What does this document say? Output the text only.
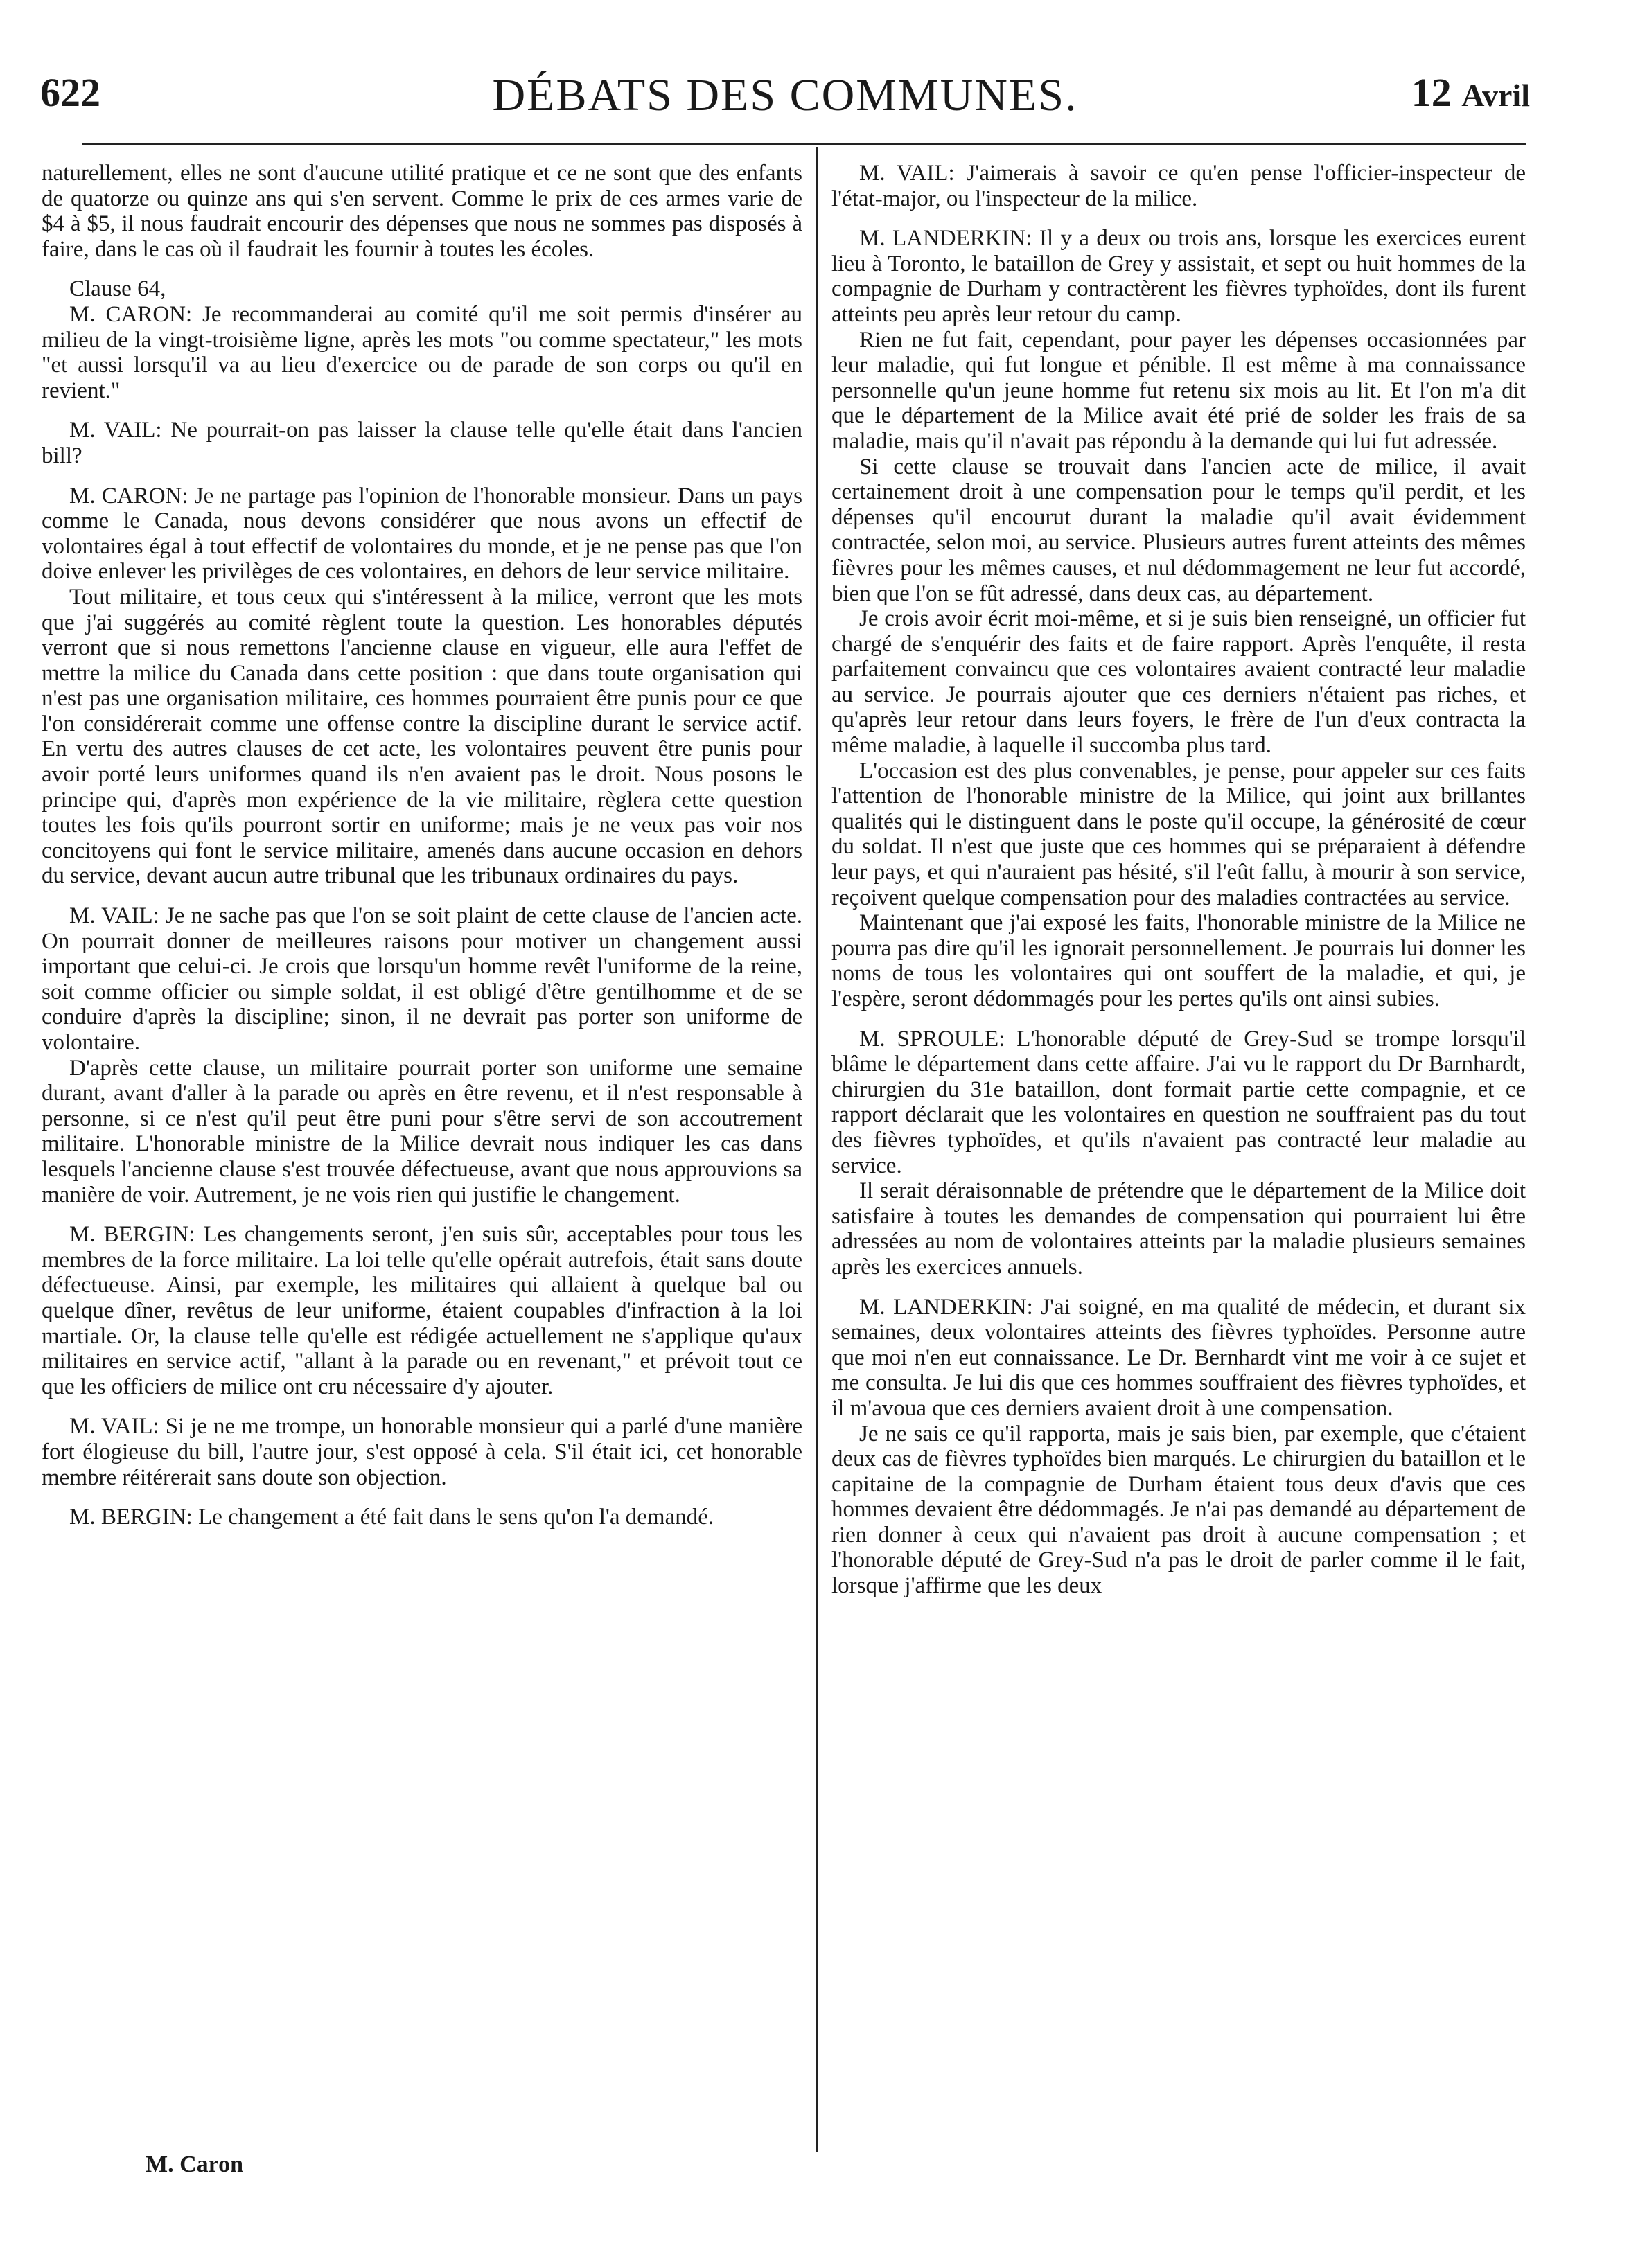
DÉBATS DES COMMUNES.
622	12 Avril

naturellement, elles ne sont d'aucune utilité pratique et ce ne sont que des enfants de quatorze ou quinze ans qui s'en servent. Comme le prix de ces armes varie de $4 à $5, il nous faudrait encourir des dépenses que nous ne sommes pas disposés à faire, dans le cas où il faudrait les fournir à toutes les écoles.

Clause 64,

M. CARON: Je recommanderai au comité qu'il me soit permis d'insérer au milieu de la vingt-troisième ligne, après les mots "ou comme spectateur," les mots "et aussi lorsqu'il va au lieu d'exercice ou de parade de son corps ou qu'il en revient."

M. VAIL: Ne pourrait-on pas laisser la clause telle qu'elle était dans l'ancien bill?

M. CARON: Je ne partage pas l'opinion de l'honorable monsieur. Dans un pays comme le Canada, nous devons considérer que nous avons un effectif de volontaires égal à tout effectif de volontaires du monde, et je ne pense pas que l'on doive enlever les privilèges de ces volontaires, en dehors de leur service militaire.

Tout militaire, et tous ceux qui s'intéressent à la milice, verront que les mots que j'ai suggérés au comité règlent toute la question. Les honorables députés verront que si nous remettons l'ancienne clause en vigueur, elle aura l'effet de mettre la milice du Canada dans cette position : que dans toute organisation qui n'est pas une organisation militaire, ces hommes pourraient être punis pour ce que l'on considérerait comme une offense contre la discipline durant le service actif. En vertu des autres clauses de cet acte, les volontaires peuvent être punis pour avoir porté leurs uniformes quand ils n'en avaient pas le droit. Nous posons le principe qui, d'après mon expérience de la vie militaire, règlera cette question toutes les fois qu'ils pourront sortir en uniforme; mais je ne veux pas voir nos concitoyens qui font le service militaire, amenés dans aucune occasion en dehors du service, devant aucun autre tribunal que les tribunaux ordinaires du pays.

M. VAIL: Je ne sache pas que l'on se soit plaint de cette clause de l'ancien acte. On pourrait donner de meilleures raisons pour motiver un changement aussi important que celui-ci. Je crois que lorsqu'un homme revêt l'uniforme de la reine, soit comme officier ou simple soldat, il est obligé d'être gentilhomme et de se conduire d'après la discipline; sinon, il ne devrait pas porter son uniforme de volontaire.

D'après cette clause, un militaire pourrait porter son uniforme une semaine durant, avant d'aller à la parade ou après en être revenu, et il n'est responsable à personne, si ce n'est qu'il peut être puni pour s'être servi de son accoutrement militaire. L'honorable ministre de la Milice devrait nous indiquer les cas dans lesquels l'ancienne clause s'est trouvée défectueuse, avant que nous approuvions sa manière de voir. Autrement, je ne vois rien qui justifie le changement.

M. BERGIN: Les changements seront, j'en suis sûr, acceptables pour tous les membres de la force militaire. La loi telle qu'elle opérait autrefois, était sans doute défectueuse. Ainsi, par exemple, les militaires qui allaient à quelque bal ou quelque dîner, revêtus de leur uniforme, étaient coupables d'infraction à la loi martiale. Or, la clause telle qu'elle est rédigée actuellement ne s'applique qu'aux militaires en service actif, "allant à la parade ou en revenant," et prévoit tout ce que les officiers de milice ont cru nécessaire d'y ajouter.

M. VAIL: Si je ne me trompe, un honorable monsieur qui a parlé d'une manière fort élogieuse du bill, l'autre jour, s'est opposé à cela. S'il était ici, cet honorable membre réitérerait sans doute son objection.

M. BERGIN: Le changement a été fait dans le sens qu'on l'a demandé.

M. VAIL: J'aimerais à savoir ce qu'en pense l'officier-inspecteur de l'état-major, ou l'inspecteur de la milice.

M. LANDERKIN: Il y a deux ou trois ans, lorsque les exercices eurent lieu à Toronto, le bataillon de Grey y assistait, et sept ou huit hommes de la compagnie de Durham y contractèrent les fièvres typhoïdes, dont ils furent atteints peu après leur retour du camp.

Rien ne fut fait, cependant, pour payer les dépenses occasionnées par leur maladie, qui fut longue et pénible. Il est même à ma connaissance personnelle qu'un jeune homme fut retenu six mois au lit. Et l'on m'a dit que le département de la Milice avait été prié de solder les frais de sa maladie, mais qu'il n'avait pas répondu à la demande qui lui fut adressée.

Si cette clause se trouvait dans l'ancien acte de milice, il avait certainement droit à une compensation pour le temps qu'il perdit, et les dépenses qu'il encourut durant la maladie qu'il avait évidemment contractée, selon moi, au service. Plusieurs autres furent atteints des mêmes fièvres pour les mêmes causes, et nul dédommagement ne leur fut accordé, bien que l'on se fût adressé, dans deux cas, au département.

Je crois avoir écrit moi-même, et si je suis bien renseigné, un officier fut chargé de s'enquérir des faits et de faire rapport. Après l'enquête, il resta parfaitement convaincu que ces volontaires avaient contracté leur maladie au service. Je pourrais ajouter que ces derniers n'étaient pas riches, et qu'après leur retour dans leurs foyers, le frère de l'un d'eux contracta la même maladie, à laquelle il succomba plus tard.

L'occasion est des plus convenables, je pense, pour appeler sur ces faits l'attention de l'honorable ministre de la Milice, qui joint aux brillantes qualités qui le distinguent dans le poste qu'il occupe, la générosité de cœur du soldat. Il n'est que juste que ces hommes qui se préparaient à défendre leur pays, et qui n'auraient pas hésité, s'il l'eût fallu, à mourir à son service, reçoivent quelque compensation pour des maladies contractées au service.

Maintenant que j'ai exposé les faits, l'honorable ministre de la Milice ne pourra pas dire qu'il les ignorait personnellement. Je pourrais lui donner les noms de tous les volontaires qui ont souffert de la maladie, et qui, je l'espère, seront dédommagés pour les pertes qu'ils ont ainsi subies.

M. SPROULE: L'honorable député de Grey-Sud se trompe lorsqu'il blâme le département dans cette affaire. J'ai vu le rapport du Dr Barnhardt, chirurgien du 31e bataillon, dont formait partie cette compagnie, et ce rapport déclarait que les volontaires en question ne souffraient pas du tout des fièvres typhoïdes, et qu'ils n'avaient pas contracté leur maladie au service.

Il serait déraisonnable de prétendre que le département de la Milice doit satisfaire à toutes les demandes de compensation qui pourraient lui être adressées au nom de volontaires atteints par la maladie plusieurs semaines après les exercices annuels.

M. LANDERKIN: J'ai soigné, en ma qualité de médecin, et durant six semaines, deux volontaires atteints des fièvres typhoïdes. Personne autre que moi n'en eut connaissance. Le Dr. Bernhardt vint me voir à ce sujet et me consulta. Je lui dis que ces hommes souffraient des fièvres typhoïdes, et il m'avoua que ces derniers avaient droit à une compensation.

Je ne sais ce qu'il rapporta, mais je sais bien, par exemple, que c'étaient deux cas de fièvres typhoïdes bien marqués. Le chirurgien du bataillon et le capitaine de la compagnie de Durham étaient tous deux d'avis que ces hommes devaient être dédommagés. Je n'ai pas demandé au département de rien donner à ceux qui n'avaient pas droit à aucune compensation ; et l'honorable député de Grey-Sud n'a pas le droit de parler comme il le fait, lorsque j'affirme que les deux

M. Caron
